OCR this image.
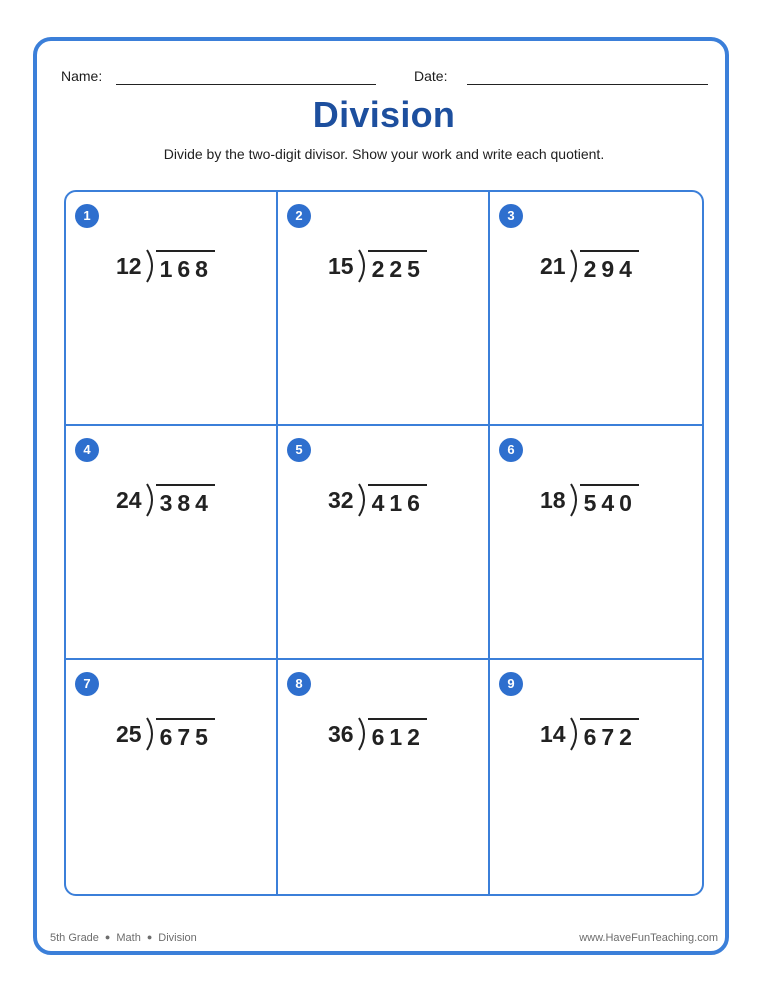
Name:	Date:
Division
Divide by the two-digit divisor. Show your work and write each quotient.
1
12 168
2
15 225
3
21 294
4
24 384
5
32 416
6
18 540
7
25 675
8
36 612
9
14 672
5th Grade ● Math ● Division	www.HaveFunTeaching.com
